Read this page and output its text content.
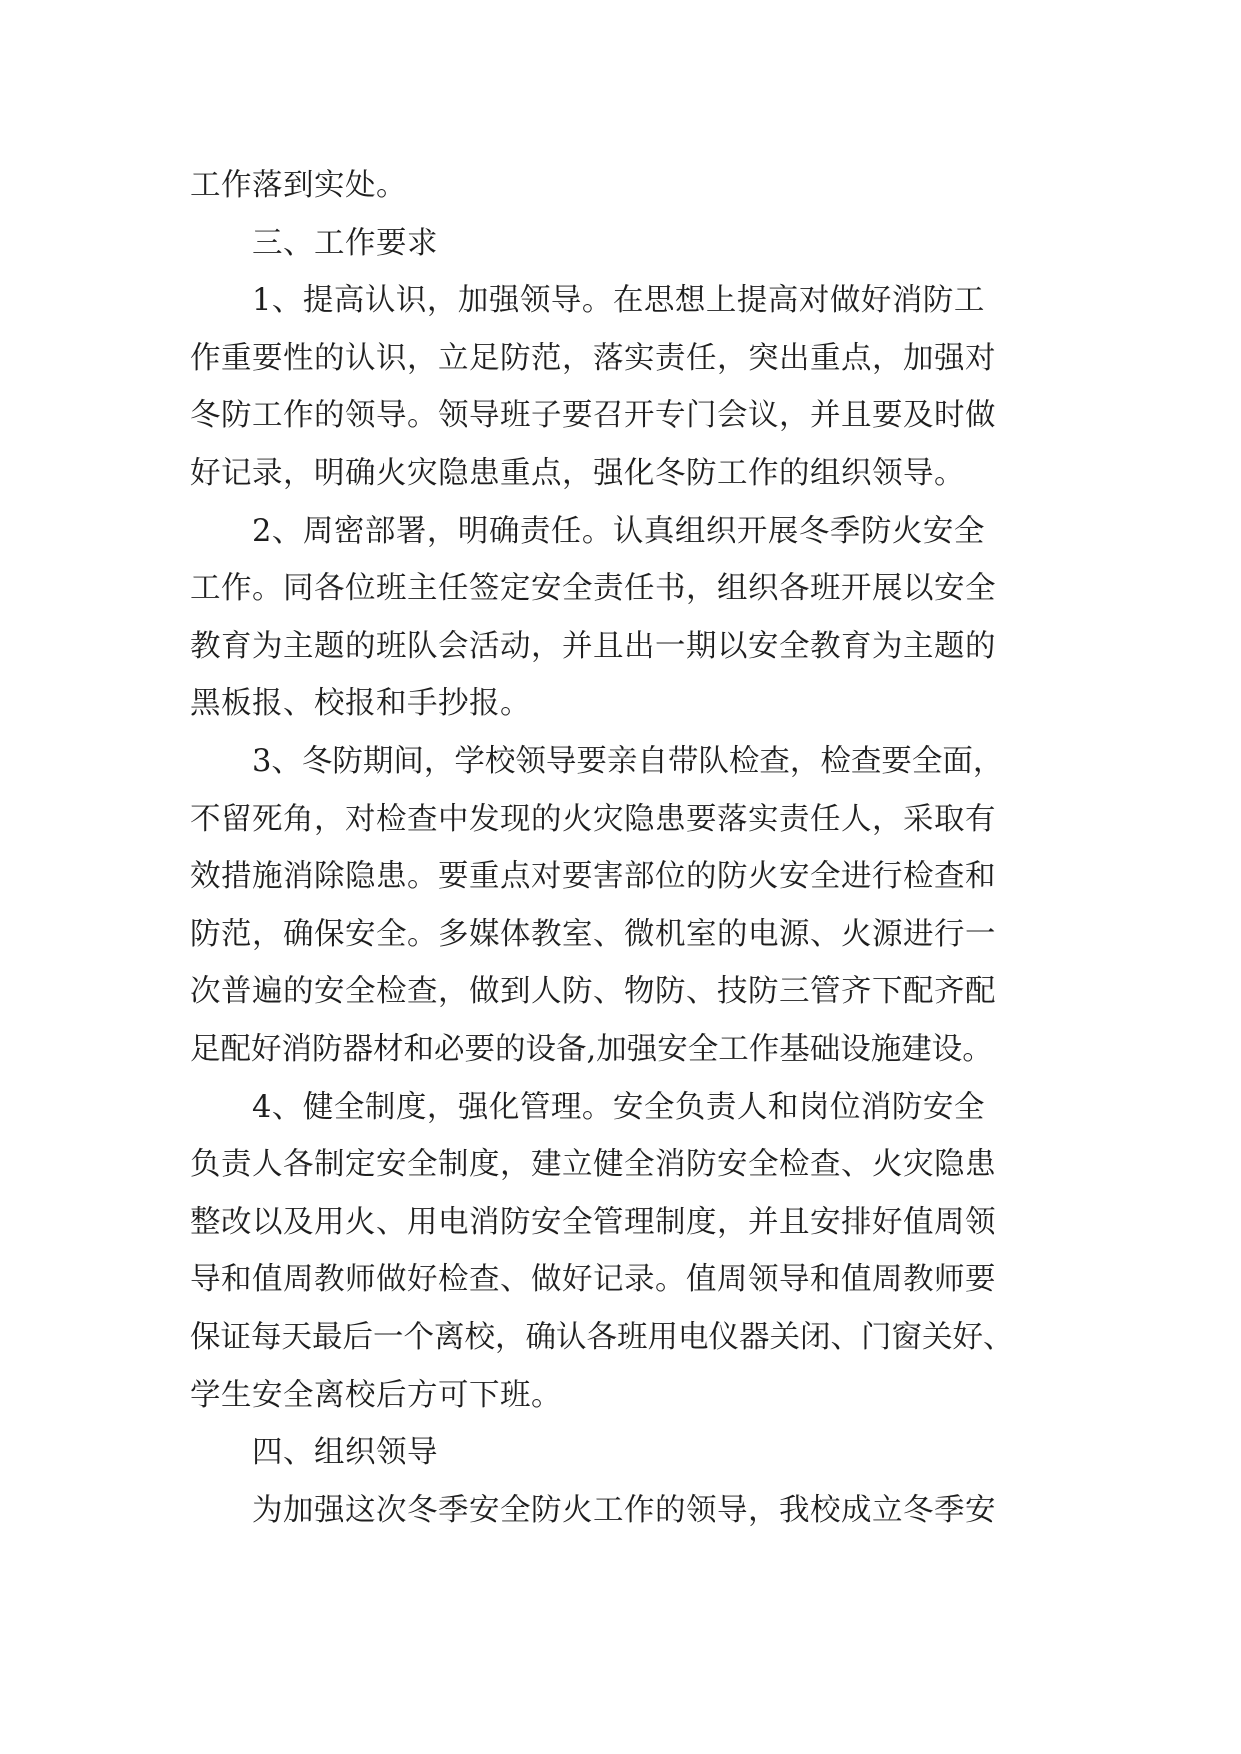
工作落到实处。
三、工作要求
1、提高认识，加强领导。在思想上提高对做好消防工
作重要性的认识，立足防范，落实责任，突出重点，加强对
冬防工作的领导。领导班子要召开专门会议，并且要及时做
好记录，明确火灾隐患重点，强化冬防工作的组织领导。
2、周密部署，明确责任。认真组织开展冬季防火安全
工作。同各位班主任签定安全责任书，组织各班开展以安全
教育为主题的班队会活动，并且出一期以安全教育为主题的
黑板报、校报和手抄报。
3、冬防期间，学校领导要亲自带队检查，检查要全面，
不留死角，对检查中发现的火灾隐患要落实责任人，采取有
效措施消除隐患。要重点对要害部位的防火安全进行检查和
防范，确保安全。多媒体教室、微机室的电源、火源进行一
次普遍的安全检查，做到人防、物防、技防三管齐下配齐配
足配好消防器材和必要的设备,加强安全工作基础设施建设。
4、健全制度，强化管理。安全负责人和岗位消防安全
负责人各制定安全制度，建立健全消防安全检查、火灾隐患
整改以及用火、用电消防安全管理制度，并且安排好值周领
导和值周教师做好检查、做好记录。值周领导和值周教师要
保证每天最后一个离校，确认各班用电仪器关闭、门窗关好、
学生安全离校后方可下班。
四、组织领导
为加强这次冬季安全防火工作的领导，我校成立冬季安
